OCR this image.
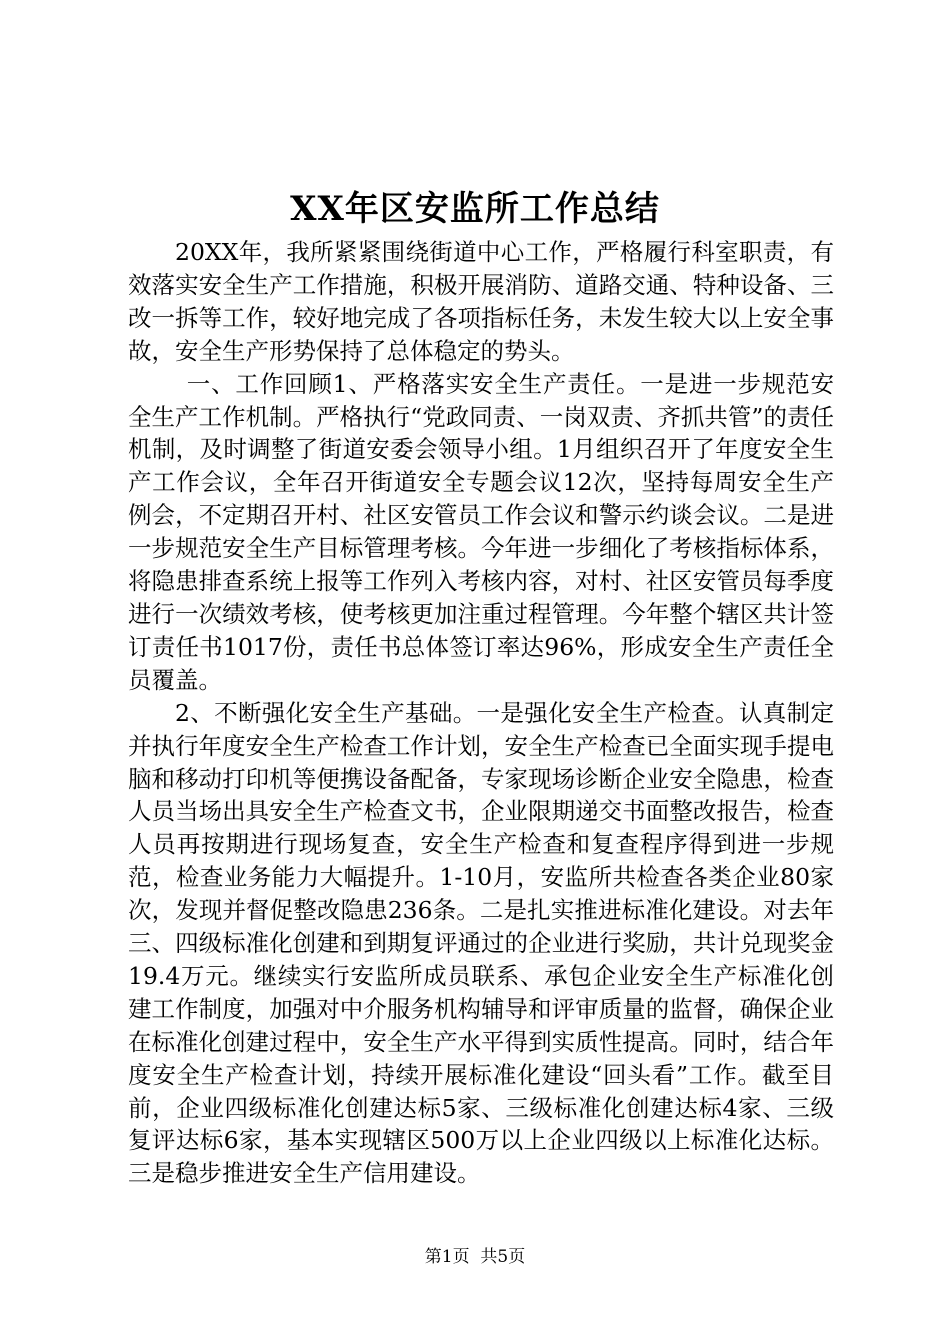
XX年区安监所工作总结

20XX年，我所紧紧围绕街道中心工作，严格履行科室职责，有效落实安全生产工作措施，积极开展消防、道路交通、特种设备、三改一拆等工作，较好地完成了各项指标任务，未发生较大以上安全事故，安全生产形势保持了总体稳定的势头。

一、工作回顾1、严格落实安全生产责任。一是进一步规范安全生产工作机制。严格执行“党政同责、一岗双责、齐抓共管”的责任机制，及时调整了街道安委会领导小组。1月组织召开了年度安全生产工作会议，全年召开街道安全专题会议12次，坚持每周安全生产例会，不定期召开村、社区安管员工作会议和警示约谈会议。二是进一步规范安全生产目标管理考核。今年进一步细化了考核指标体系，将隐患排查系统上报等工作列入考核内容，对村、社区安管员每季度进行一次绩效考核，使考核更加注重过程管理。今年整个辖区共计签订责任书1017份，责任书总体签订率达96%，形成安全生产责任全员覆盖。

2、不断强化安全生产基础。一是强化安全生产检查。认真制定并执行年度安全生产检查工作计划，安全生产检查已全面实现手提电脑和移动打印机等便携设备配备，专家现场诊断企业安全隐患，检查人员当场出具安全生产检查文书，企业限期递交书面整改报告，检查人员再按期进行现场复查，安全生产检查和复查程序得到进一步规范，检查业务能力大幅提升。1-10月，安监所共检查各类企业80家次，发现并督促整改隐患236条。二是扎实推进标准化建设。对去年三、四级标准化创建和到期复评通过的企业进行奖励，共计兑现奖金19.4万元。继续实行安监所成员联系、承包企业安全生产标准化创建工作制度，加强对中介服务机构辅导和评审质量的监督，确保企业在标准化创建过程中，安全生产水平得到实质性提高。同时，结合年度安全生产检查计划，持续开展标准化建设“回头看”工作。截至目前，企业四级标准化创建达标5家、三级标准化创建达标4家、三级复评达标6家，基本实现辖区500万以上企业四级以上标准化达标。三是稳步推进安全生产信用建设。

第1页  共5页
